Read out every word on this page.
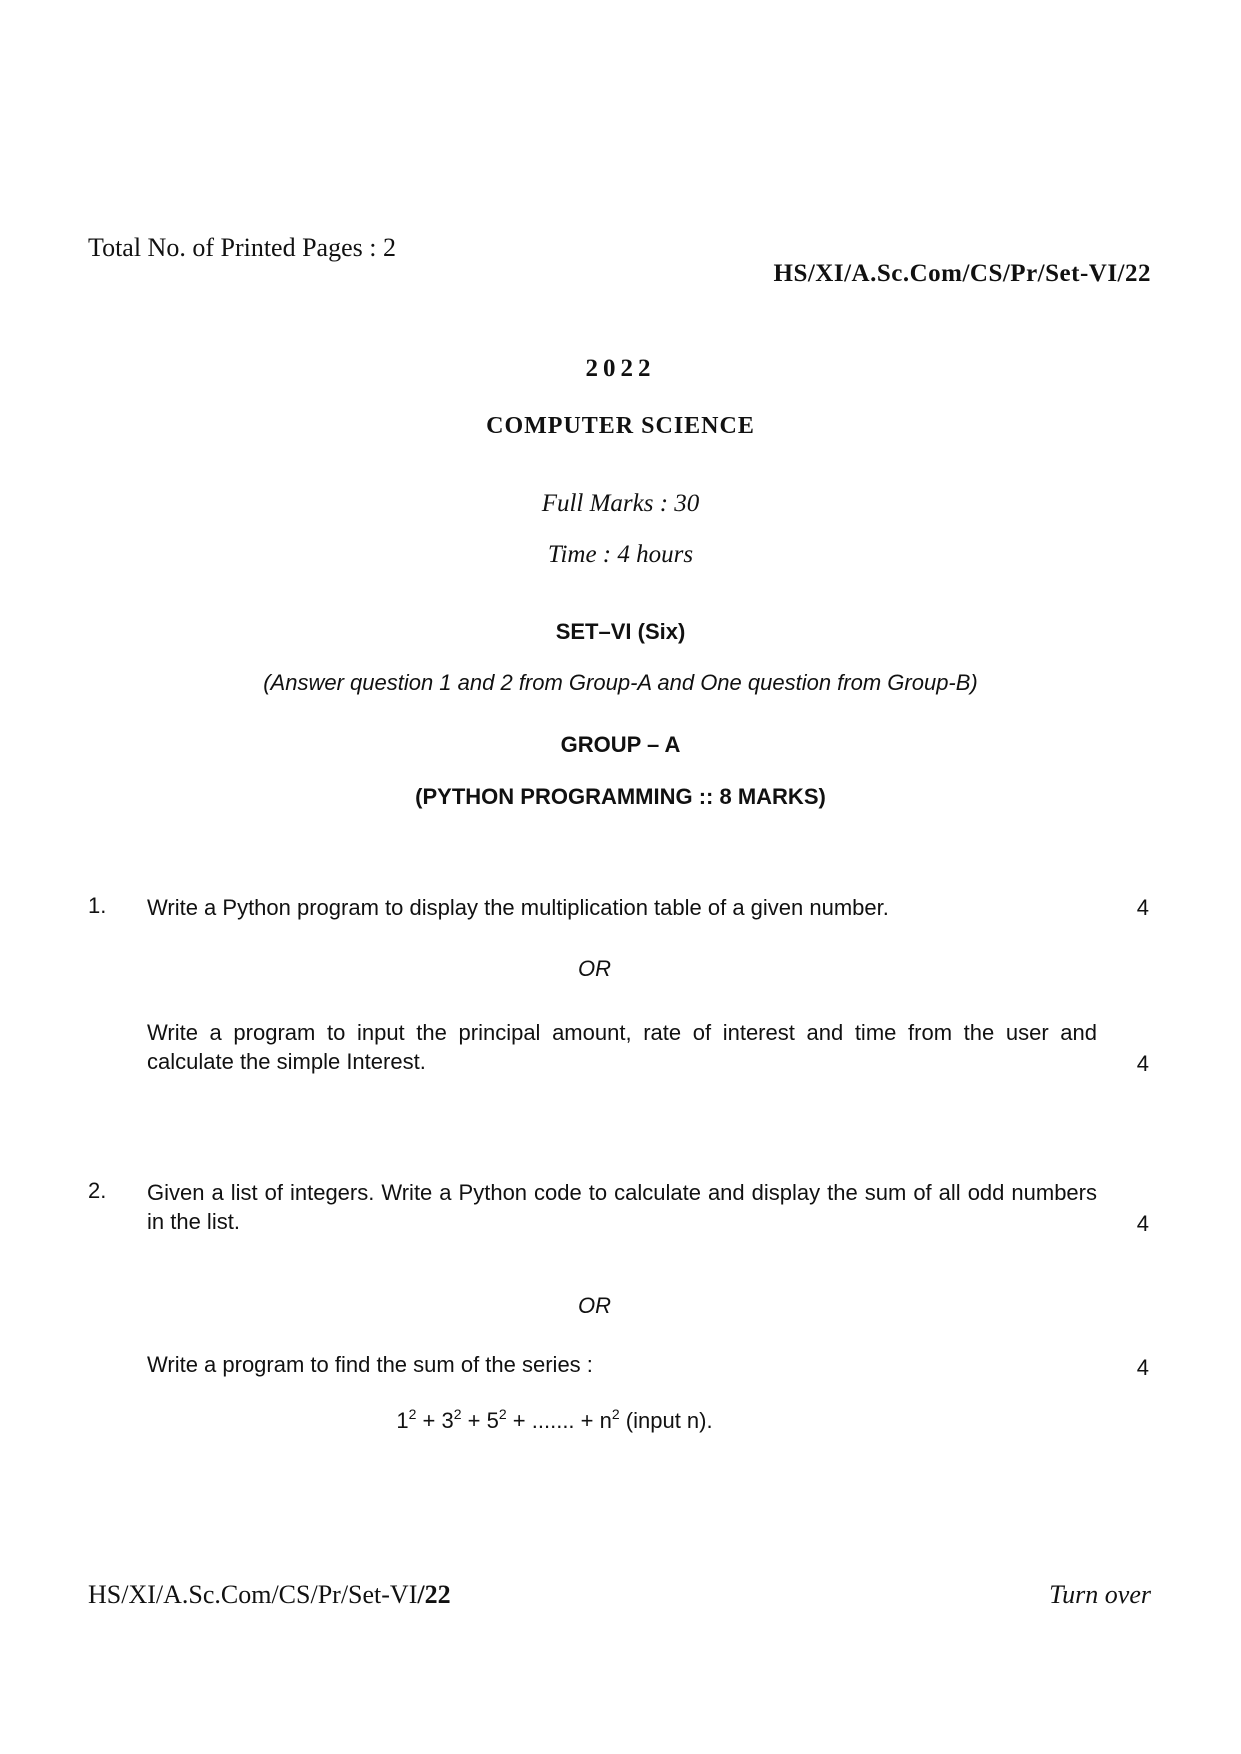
Total No. of Printed Pages : 2
HS/XI/A.Sc.Com/CS/Pr/Set-VI/22
2022
COMPUTER SCIENCE
Full Marks : 30
Time : 4 hours
SET–VI (Six)
(Answer question 1 and 2 from Group-A and One question from Group-B)
GROUP – A
(PYTHON PROGRAMMING :: 8 MARKS)
1. Write a Python program to display the multiplication table of a given number.	4
OR
Write a program to input the principal amount, rate of interest and time from the user and calculate the simple Interest.	4
2. Given a list of integers. Write a Python code to calculate and display the sum of all odd numbers in the list.	4
OR
Write a program to find the sum of the series :	4
$1^2 + 3^2 + 5^2$ + ....... + $n^2$ (input n).
HS/XI/A.Sc.Com/CS/Pr/Set-VI/22	Turn over
